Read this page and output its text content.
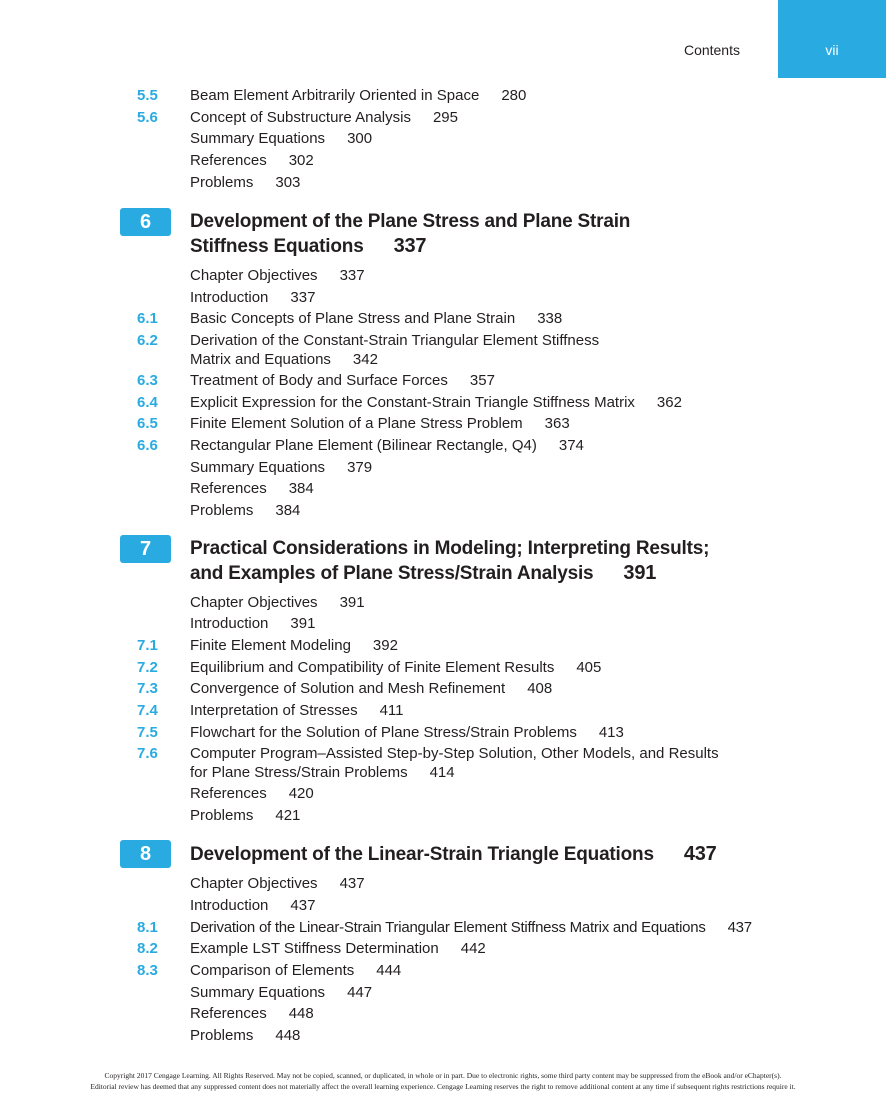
vii
Contents
5.5 Beam Element Arbitrarily Oriented in Space 280
5.6 Concept of Substructure Analysis 295
Summary Equations 300
References 302
Problems 303
6	Development of the Plane Stress and Plane Strain
Stiffness Equations 337
Chapter Objectives 337
Introduction 337
6.1 Basic Concepts of Plane Stress and Plane Strain 338
6.2 Derivation of the Constant-Strain Triangular Element Stiffness
Matrix and Equations 342
6.3 Treatment of Body and Surface Forces 357
6.4 Explicit Expression for the Constant-Strain Triangle Stiffness Matrix 362
6.5 Finite Element Solution of a Plane Stress Problem 363
6.6 Rectangular Plane Element (Bilinear Rectangle, Q4) 374
Summary Equations 379
References 384
Problems 384
7	Practical Considerations in Modeling; Interpreting Results;
and Examples of Plane Stress/Strain Analysis 391
Chapter Objectives 391
Introduction 391
7.1 Finite Element Modeling 392
7.2 Equilibrium and Compatibility of Finite Element Results 405
7.3 Convergence of Solution and Mesh Refinement 408
7.4 Interpretation of Stresses 411
7.5 Flowchart for the Solution of Plane Stress/Strain Problems 413
7.6 Computer Program–Assisted Step-by-Step Solution, Other Models, and Results
for Plane Stress/Strain Problems 414
References 420
Problems 421
8	Development of the Linear-Strain Triangle Equations 437
Chapter Objectives 437
Introduction 437
8.1 Derivation of the Linear-Strain Triangular Element Stiffness Matrix and Equations 437
8.2 Example LST Stiffness Determination 442
8.3 Comparison of Elements 444
Summary Equations 447
References 448
Problems 448
Copyright 2017 Cengage Learning. All Rights Reserved. May not be copied, scanned, or duplicated, in whole or in part. Due to electronic rights, some third party content may be suppressed from the eBook and/or eChapter(s).
Editorial review has deemed that any suppressed content does not materially affect the overall learning experience. Cengage Learning reserves the right to remove additional content at any time if subsequent rights restrictions require it.
